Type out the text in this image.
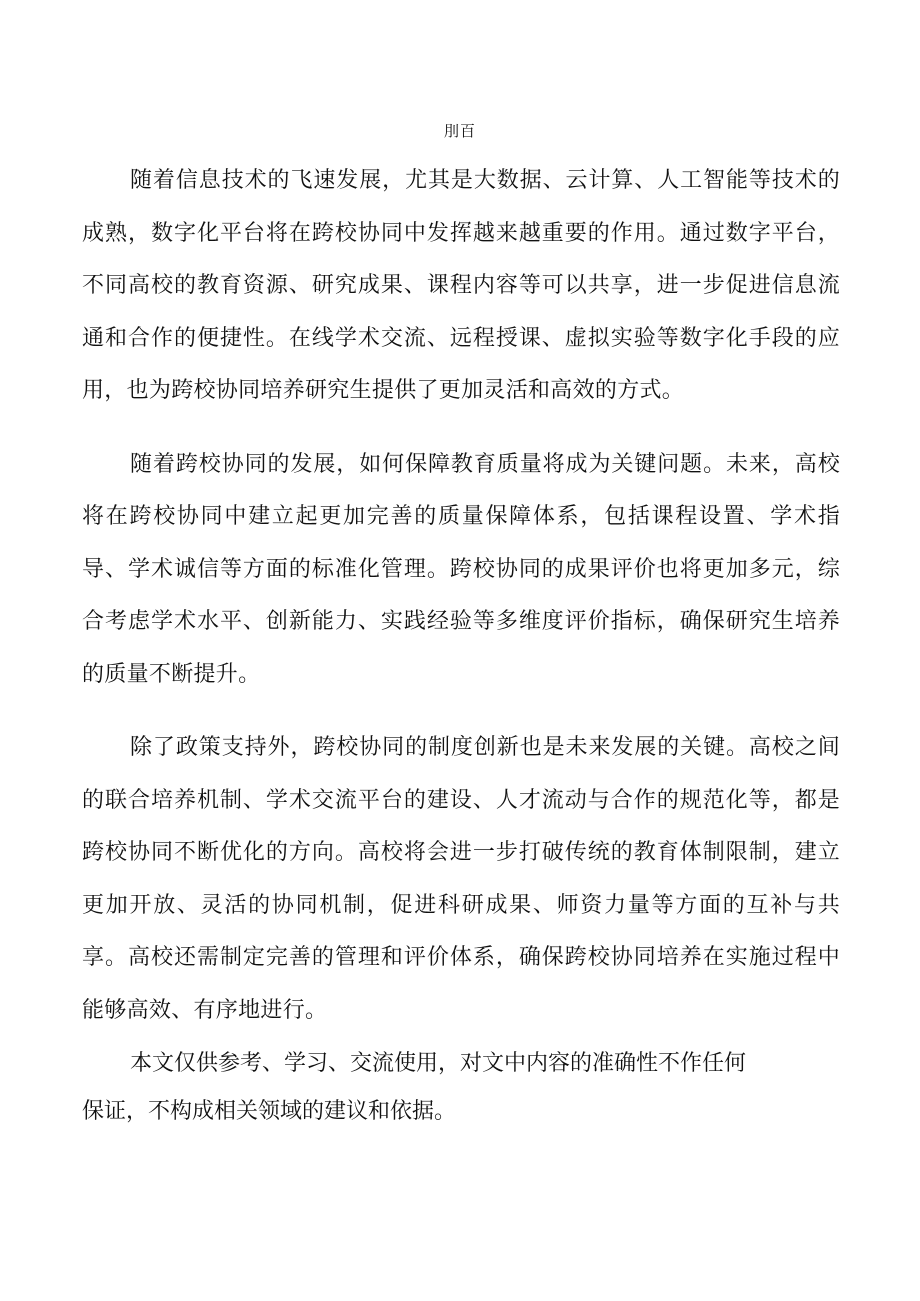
刖百

随着信息技术的飞速发展，尤其是大数据、云计算、人工智能等技术的成熟，数字化平台将在跨校协同中发挥越来越重要的作用。通过数字平台，不同高校的教育资源、研究成果、课程内容等可以共享，进一步促进信息流通和合作的便捷性。在线学术交流、远程授课、虚拟实验等数字化手段的应用，也为跨校协同培养研究生提供了更加灵活和高效的方式。

随着跨校协同的发展，如何保障教育质量将成为关键问题。未来，高校将在跨校协同中建立起更加完善的质量保障体系，包括课程设置、学术指导、学术诚信等方面的标准化管理。跨校协同的成果评价也将更加多元，综合考虑学术水平、创新能力、实践经验等多维度评价指标，确保研究生培养的质量不断提升。

除了政策支持外，跨校协同的制度创新也是未来发展的关键。高校之间的联合培养机制、学术交流平台的建设、人才流动与合作的规范化等，都是跨校协同不断优化的方向。高校将会进一步打破传统的教育体制限制，建立更加开放、灵活的协同机制，促进科研成果、师资力量等方面的互补与共享。高校还需制定完善的管理和评价体系，确保跨校协同培养在实施过程中能够高效、有序地进行。

本文仅供参考、学习、交流使用，对文中内容的准确性不作任何
保证，不构成相关领域的建议和依据。
